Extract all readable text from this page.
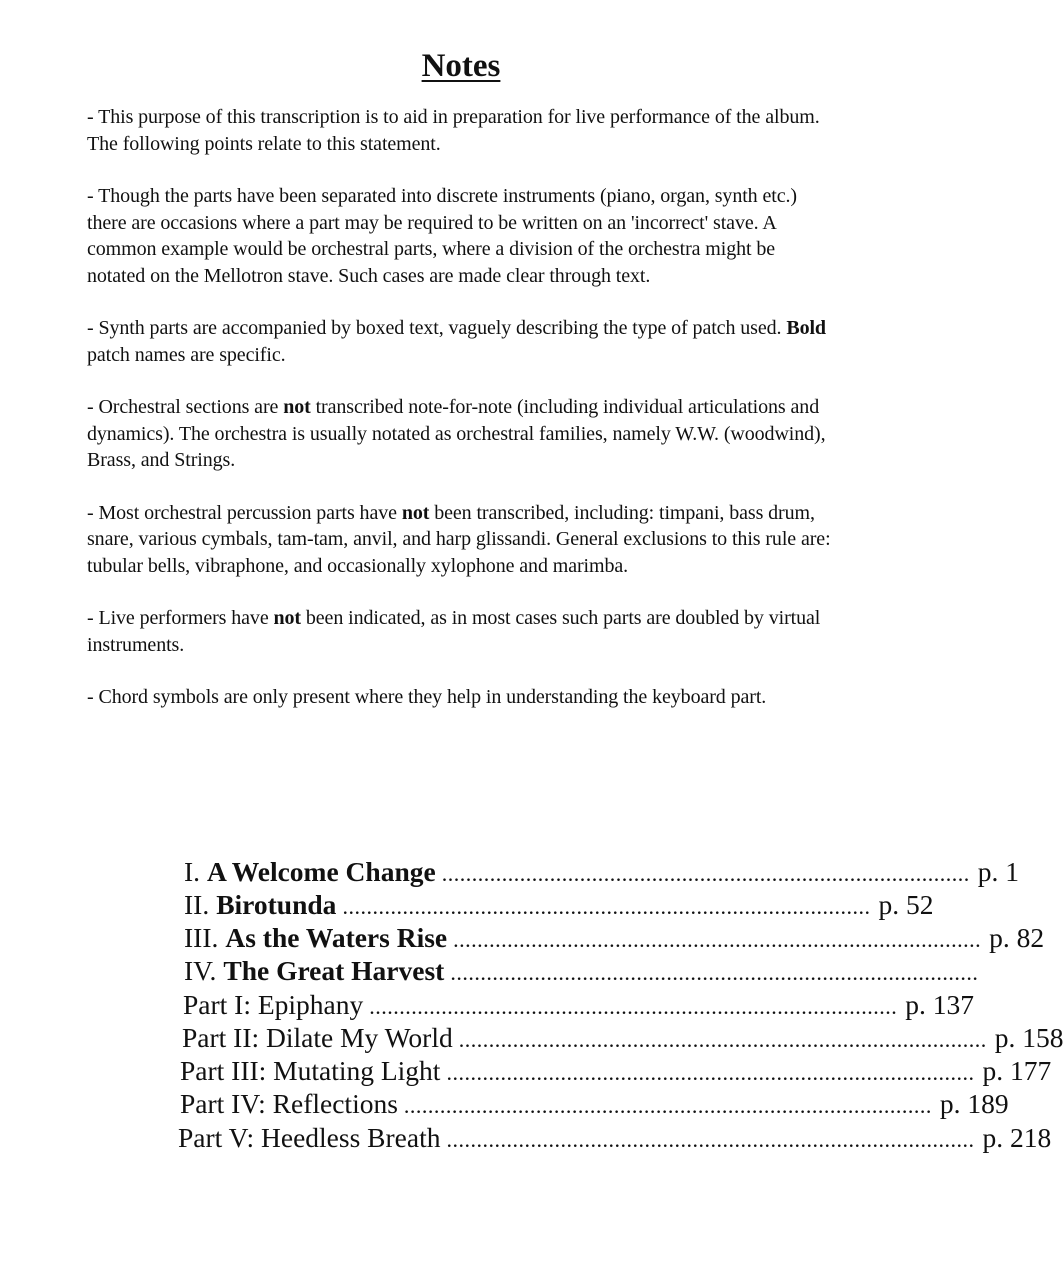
Notes

- This purpose of this transcription is to aid in preparation for live performance of the album. The following points relate to this statement.

- Though the parts have been separated into discrete instruments (piano, organ, synth etc.) there are occasions where a part may be required to be written on an 'incorrect' stave. A common example would be orchestral parts, where a division of the orchestra might be notated on the Mellotron stave. Such cases are made clear through text.

- Synth parts are accompanied by boxed text, vaguely describing the type of patch used. Bold patch names are specific.

- Orchestral sections are not transcribed note-for-note (including individual articulations and dynamics). The orchestra is usually notated as orchestral families, namely W.W. (woodwind), Brass, and Strings.

- Most orchestral percussion parts have not been transcribed, including: timpani, bass drum, snare, various cymbals, tam-tam, anvil, and harp glissandi. General exclusions to this rule are: tubular bells, vibraphone, and occasionally xylophone and marimba.

- Live performers have not been indicated, as in most cases such parts are doubled by virtual instruments.

- Chord symbols are only present where they help in understanding the keyboard part.

I. A Welcome Change ........................................................................................ p. 1
II. Birotunda ........................................................................................ p. 52
III. As the Waters Rise ........................................................................................ p. 82
IV. The Great Harvest ........................................................................................
Part I: Epiphany ........................................................................................ p. 137
Part II: Dilate My World ........................................................................................ p. 158
Part III: Mutating Light ........................................................................................ p. 177
Part IV: Reflections ........................................................................................ p. 189
Part V: Heedless Breath ........................................................................................ p. 218
